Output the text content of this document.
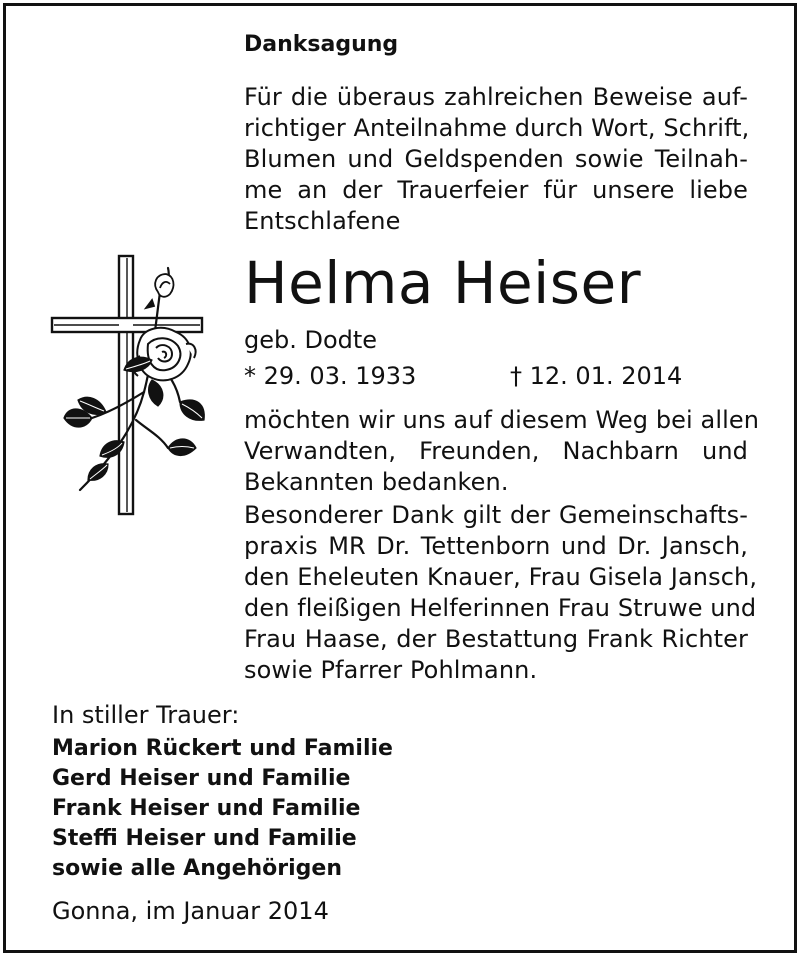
Danksagung
Für die überaus zahlreichen Beweise auf-
richtiger Anteilnahme durch Wort, Schrift,
Blumen und Geldspenden sowie Teilnah-
me an der Trauerfeier für unsere liebe
Entschlafene
Helma Heiser
geb. Dodte
* 29. 03. 1933	† 12. 01. 2014
möchten wir uns auf diesem Weg bei allen
Verwandten, Freunden, Nachbarn und
Bekannten bedanken.
Besonderer Dank gilt der Gemeinschafts-
praxis MR Dr. Tettenborn und Dr. Jansch,
den Eheleuten Knauer, Frau Gisela Jansch,
den fleißigen Helferinnen Frau Struwe und
Frau Haase, der Bestattung Frank Richter
sowie Pfarrer Pohlmann.
In stiller Trauer:
Marion Rückert und Familie
Gerd Heiser und Familie
Frank Heiser und Familie
Steffi Heiser und Familie
sowie alle Angehörigen
Gonna, im Januar 2014
